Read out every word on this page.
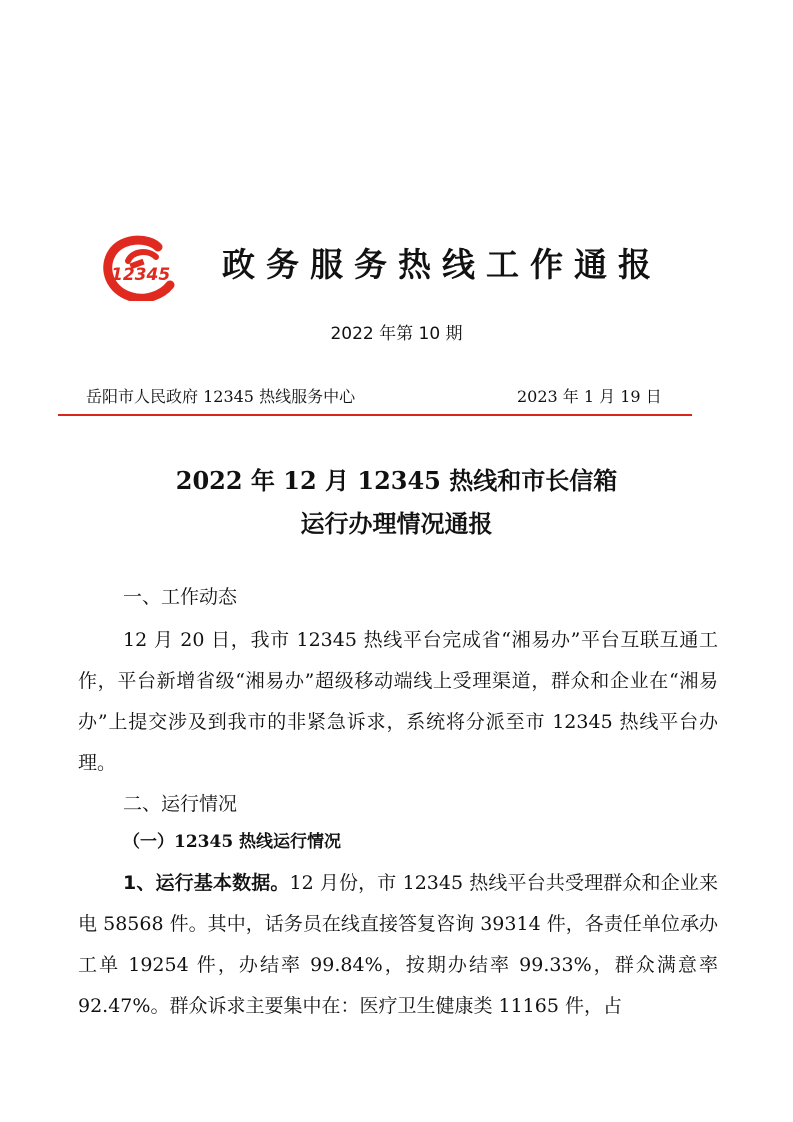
12345 政务服务热线工作通报
2022 年第 10 期
岳阳市人民政府 12345 热线服务中心	2023 年 1 月 19 日
2022 年 12 月 12345 热线和市长信箱
运行办理情况通报
一、工作动态

12 月 20 日，我市 12345 热线平台完成省“湘易办”平台互联互通工作，平台新增省级“湘易办”超级移动端线上受理渠道，群众和企业在“湘易办”上提交涉及到我市的非紧急诉求，系统将分派至市 12345 热线平台办理。

二、运行情况
（一）12345 热线运行情况

1、运行基本数据。12 月份，市 12345 热线平台共受理群众和企业来电 58568 件。其中，话务员在线直接答复咨询 39314 件，各责任单位承办工单 19254 件，办结率 99.84%，按期办结率 99.33%，群众满意率 92.47%。群众诉求主要集中在：医疗卫生健康类 11165 件，占
